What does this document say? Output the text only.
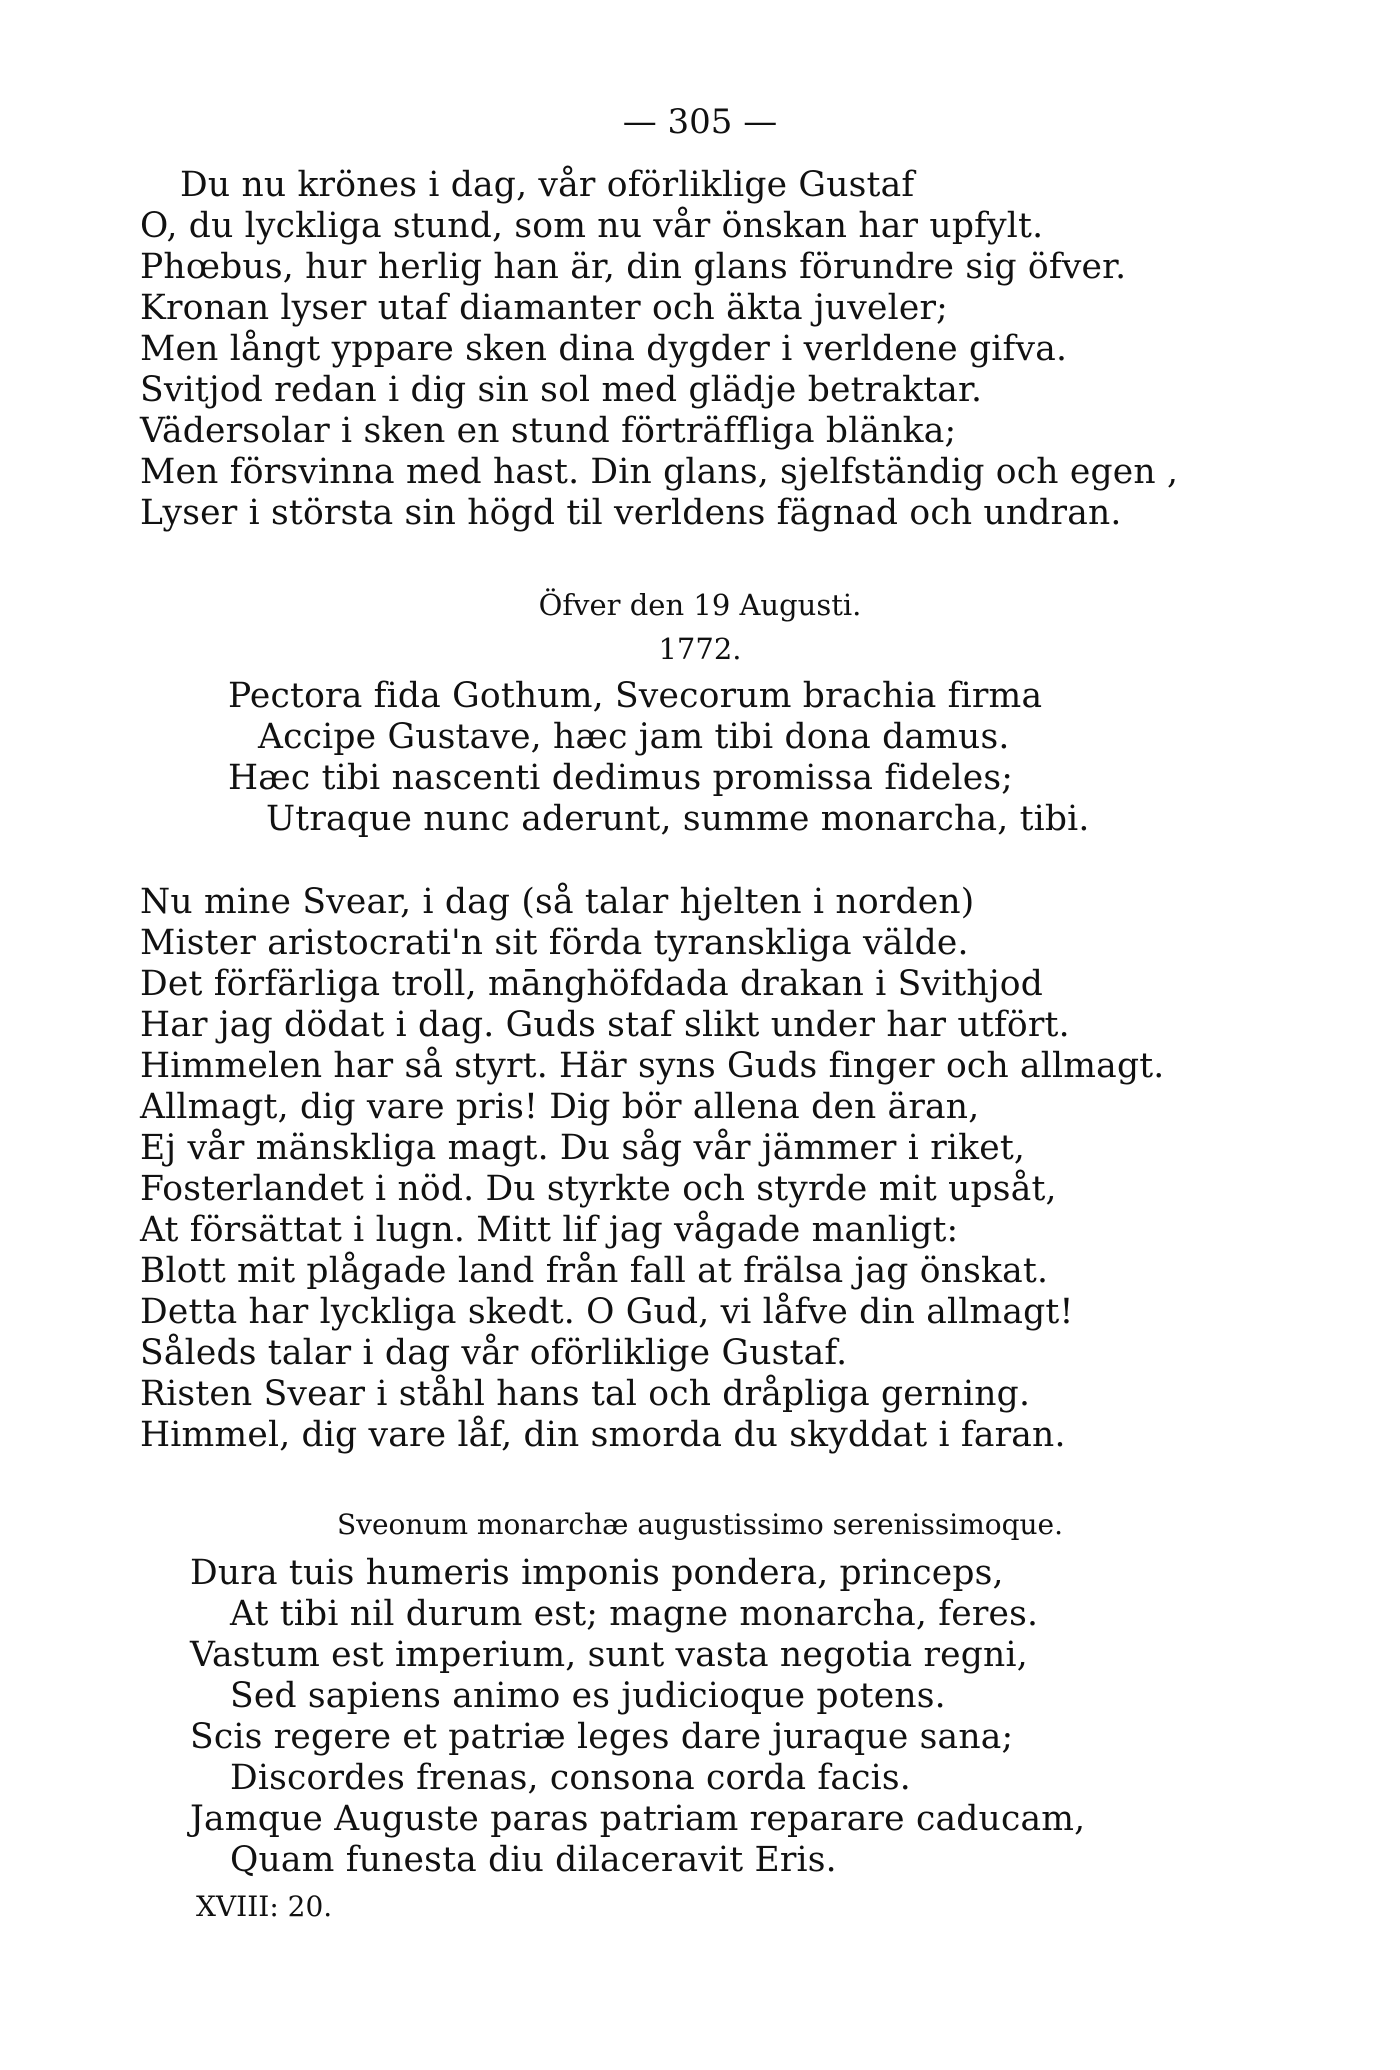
— 305 —
Du nu krönes i dag, vår oförliklige Gustaf
O, du lyckliga stund, som nu vår önskan har upfylt.
Phœbus, hur herlig han är, din glans förundre sig öfver.
Kronan lyser utaf diamanter och äkta juveler;
Men långt yppare sken dina dygder i verldene gifva.
Svitjod redan i dig sin sol med glädje betraktar.
Vädersolar i sken en stund förträffliga blänka;
Men försvinna med hast. Din glans, sjelfständig och egen ,
Lyser i största sin högd til verldens fägnad och undran.
Öfver den 19 Augusti.
1772.
Pectora fida Gothum, Svecorum brachia firma
Accipe Gustave, hæc jam tibi dona damus.
Hæc tibi nascenti dedimus promissa fideles;
Utraque nunc aderunt, summe monarcha, tibi.
Nu mine Svear, i dag (så talar hjelten i norden)
Mister aristocrati'n sit förda tyranskliga välde.
Det förfärliga troll, mānghöfdada drakan i Svithjod
Har jag dödat i dag. Guds staf slikt under har utfört.
Himmelen har så styrt. Här syns Guds finger och allmagt.
Allmagt, dig vare pris! Dig bör allena den äran,
Ej vår mänskliga magt. Du såg vår jämmer i riket,
Fosterlandet i nöd. Du styrkte och styrde mit upsåt,
At försättat i lugn. Mitt lif jag vågade manligt:
Blott mit plågade land från fall at frälsa jag önskat.
Detta har lyckliga skedt. O Gud, vi låfve din allmagt!
Såleds talar i dag vår oförliklige Gustaf.
Risten Svear i ståhl hans tal och dråpliga gerning.
Himmel, dig vare låf, din smorda du skyddat i faran.
Sveonum monarchæ augustissimo serenissimoque.
Dura tuis humeris imponis pondera, princeps,
At tibi nil durum est; magne monarcha, feres.
Vastum est imperium, sunt vasta negotia regni,
Sed sapiens animo es judicioque potens.
Scis regere et patriæ leges dare juraque sana;
Discordes frenas, consona corda facis.
Jamque Auguste paras patriam reparare caducam,
Quam funesta diu dilaceravit Eris.
XVIII: 20.
